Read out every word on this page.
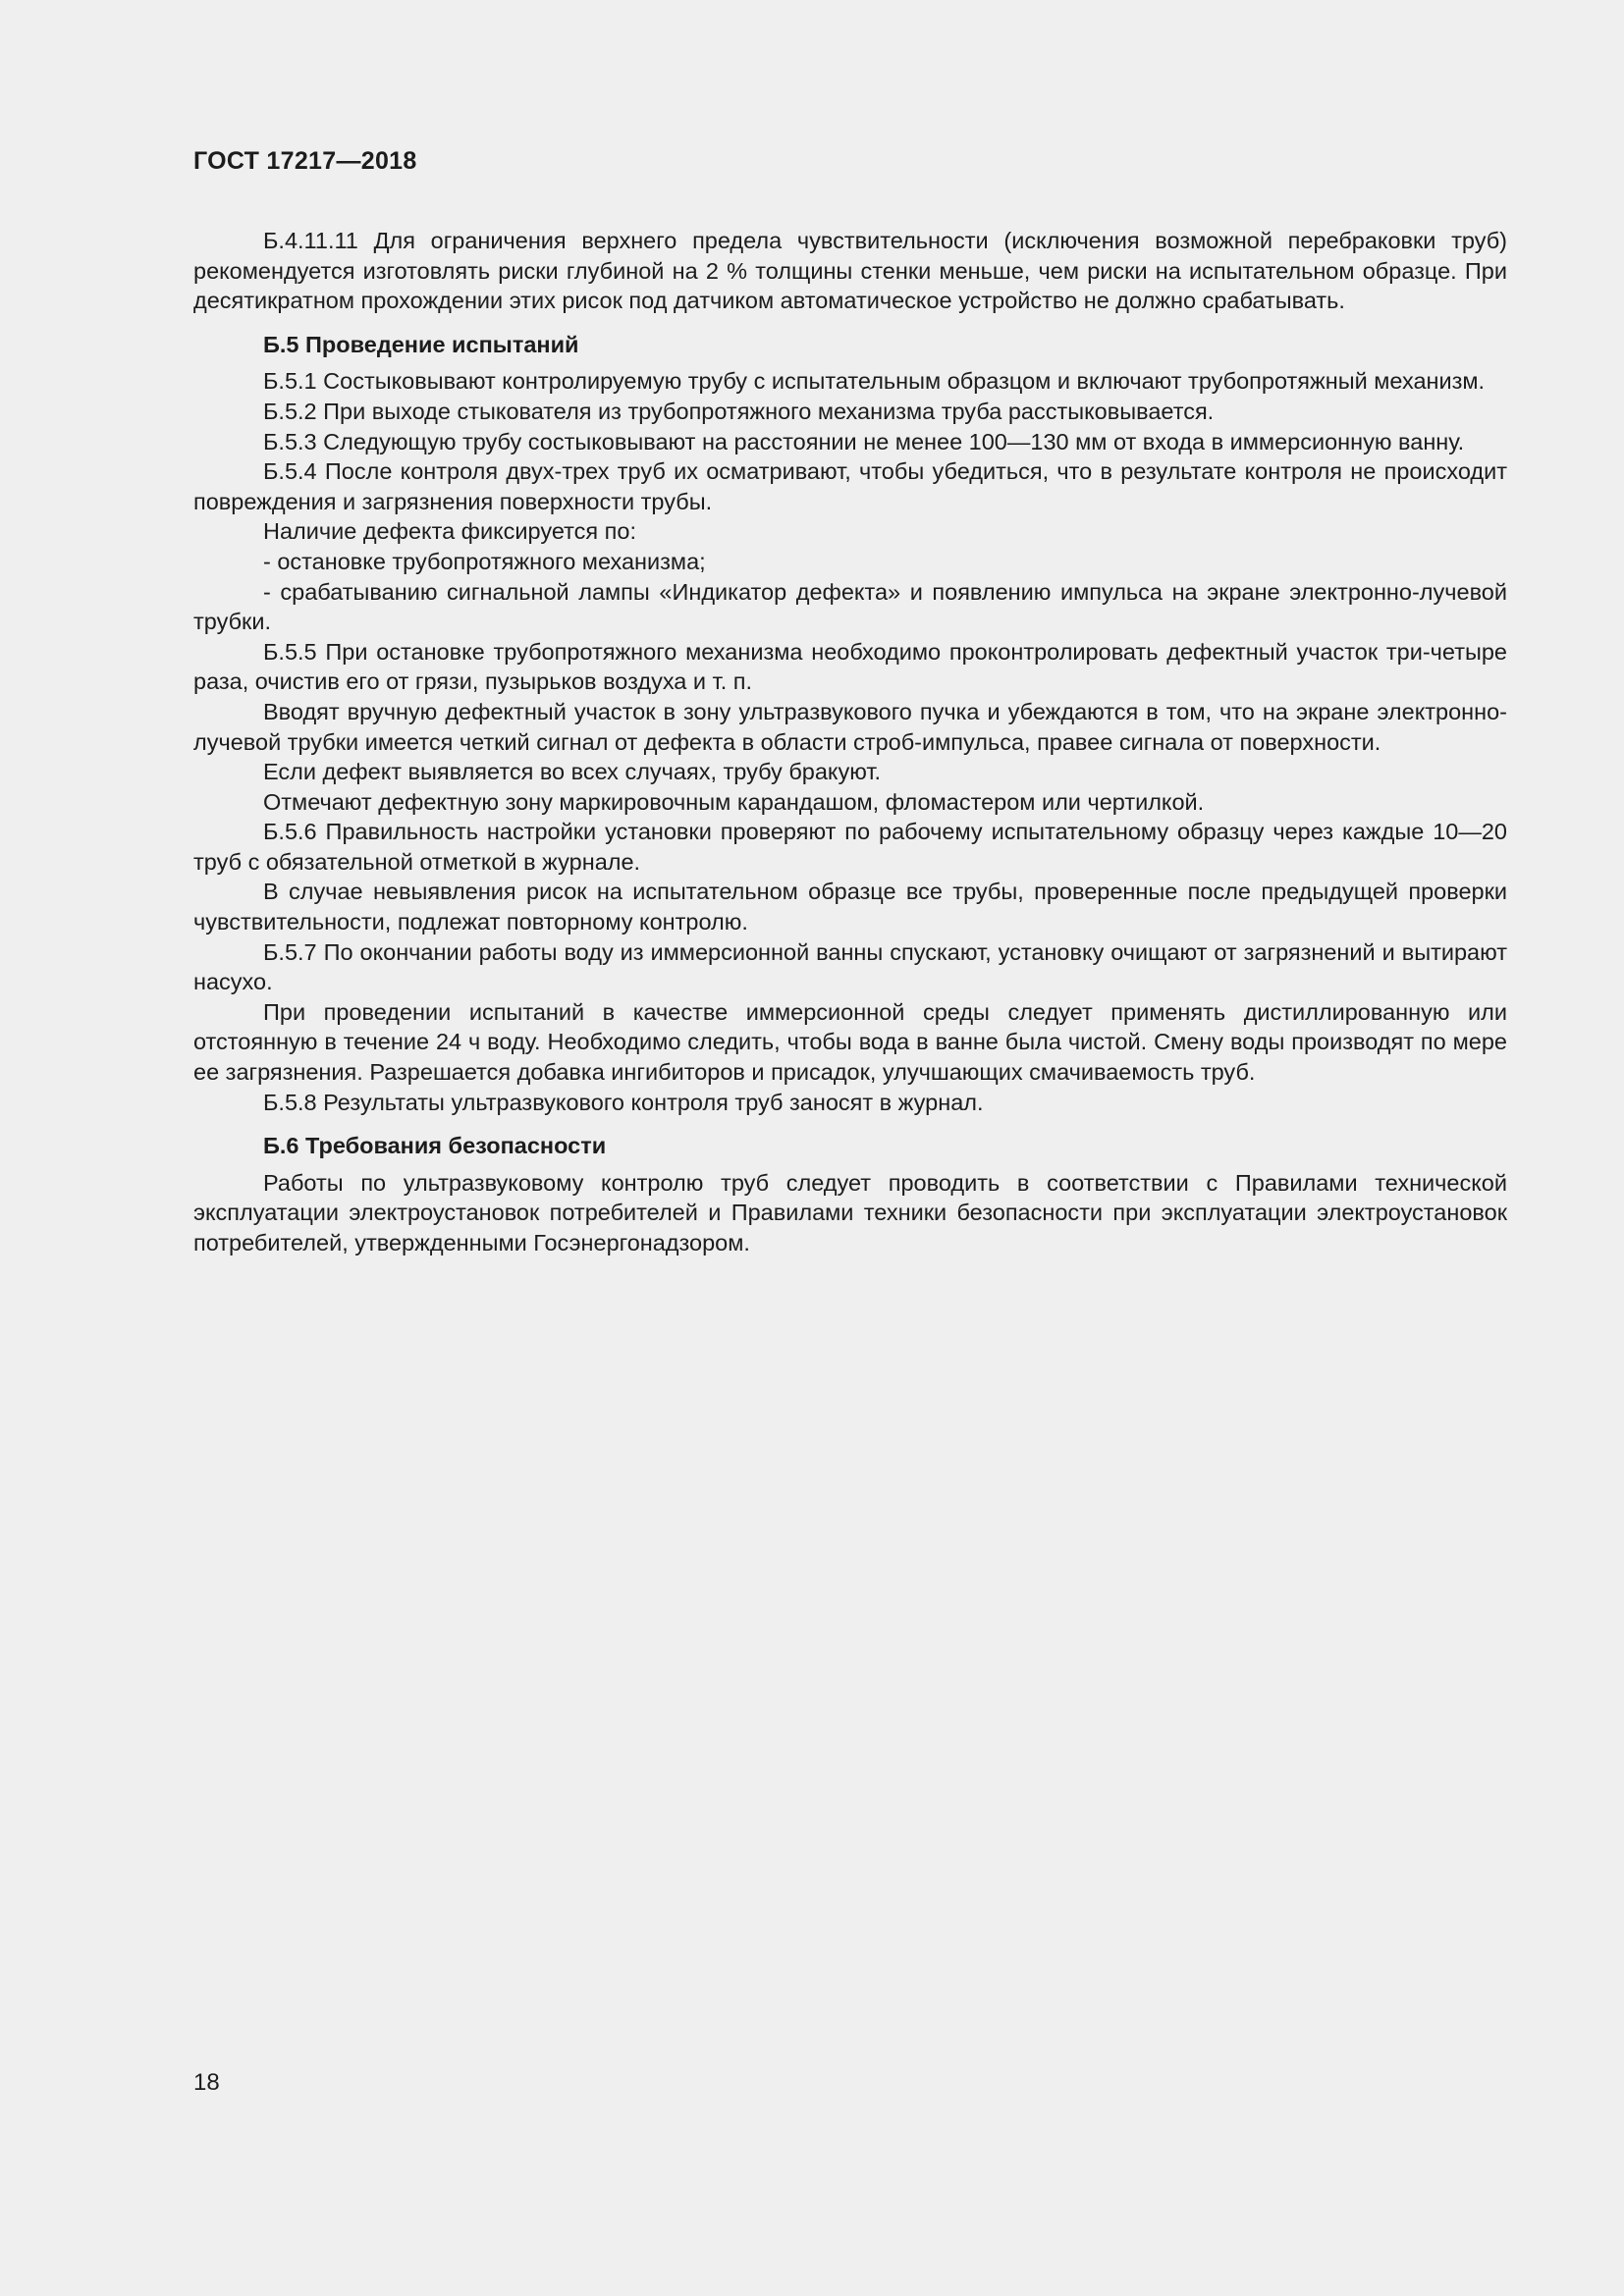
ГОСТ 17217—2018

Б.4.11.11 Для ограничения верхнего предела чувствительности (исключения возможной перебраковки труб) рекомендуется изготовлять риски глубиной на 2 % толщины стенки меньше, чем риски на испытательном образце. При десятикратном прохождении этих рисок под датчиком автоматическое устройство не должно срабатывать.

Б.5 Проведение испытаний

Б.5.1 Состыковывают контролируемую трубу с испытательным образцом и включают трубопротяжный механизм.

Б.5.2 При выходе стыкователя из трубопротяжного механизма труба расстыковывается.

Б.5.3 Следующую трубу состыковывают на расстоянии не менее 100—130 мм от входа в иммерсионную ванну.

Б.5.4 После контроля двух-трех труб их осматривают, чтобы убедиться, что в результате контроля не происходит повреждения и загрязнения поверхности трубы.

Наличие дефекта фиксируется по:

- остановке трубопротяжного механизма;

- срабатыванию сигнальной лампы «Индикатор дефекта» и появлению импульса на экране электронно-лучевой трубки.

Б.5.5 При остановке трубопротяжного механизма необходимо проконтролировать дефектный участок три-четыре раза, очистив его от грязи, пузырьков воздуха и т. п.

Вводят вручную дефектный участок в зону ультразвукового пучка и убеждаются в том, что на экране электронно-лучевой трубки имеется четкий сигнал от дефекта в области строб-импульса, правее сигнала от поверхности.

Если дефект выявляется во всех случаях, трубу бракуют.

Отмечают дефектную зону маркировочным карандашом, фломастером или чертилкой.

Б.5.6 Правильность настройки установки проверяют по рабочему испытательному образцу через каждые 10—20 труб с обязательной отметкой в журнале.

В случае невыявления рисок на испытательном образце все трубы, проверенные после предыдущей проверки чувствительности, подлежат повторному контролю.

Б.5.7 По окончании работы воду из иммерсионной ванны спускают, установку очищают от загрязнений и вытирают насухо.

При проведении испытаний в качестве иммерсионной среды следует применять дистиллированную или отстоянную в течение 24 ч воду. Необходимо следить, чтобы вода в ванне была чистой. Смену воды производят по мере ее загрязнения. Разрешается добавка ингибиторов и присадок, улучшающих смачиваемость труб.

Б.5.8 Результаты ультразвукового контроля труб заносят в журнал.

Б.6 Требования безопасности

Работы по ультразвуковому контролю труб следует проводить в соответствии с Правилами технической эксплуатации электроустановок потребителей и Правилами техники безопасности при эксплуатации электроустановок потребителей, утвержденными Госэнергонадзором.

18
